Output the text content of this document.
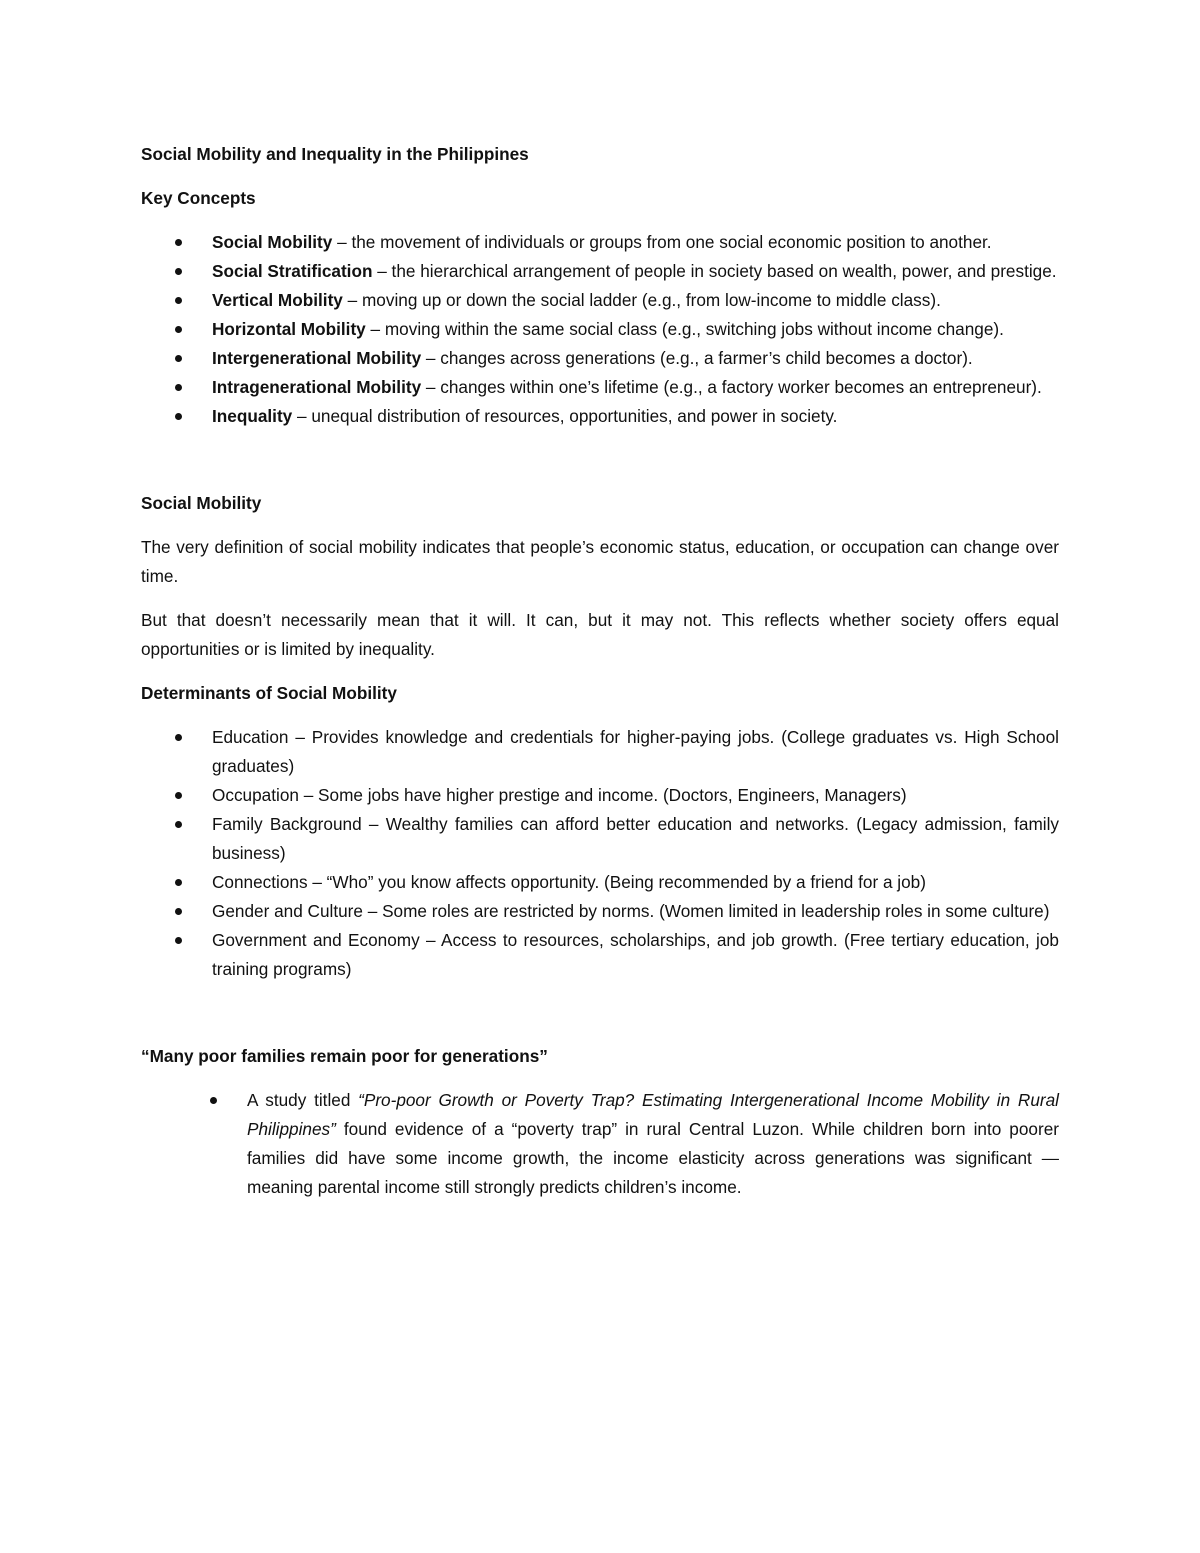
Social Mobility and Inequality in the Philippines
Key Concepts
Social Mobility – the movement of individuals or groups from one social economic position to another.
Social Stratification – the hierarchical arrangement of people in society based on wealth, power, and prestige.
Vertical Mobility – moving up or down the social ladder (e.g., from low-income to middle class).
Horizontal Mobility – moving within the same social class (e.g., switching jobs without income change).
Intergenerational Mobility – changes across generations (e.g., a farmer’s child becomes a doctor).
Intragenerational Mobility – changes within one’s lifetime (e.g., a factory worker becomes an entrepreneur).
Inequality – unequal distribution of resources, opportunities, and power in society.
Social Mobility

The very definition of social mobility indicates that people’s economic status, education, or occupation can change over time.

But that doesn’t necessarily mean that it will. It can, but it may not. This reflects whether society offers equal opportunities or is limited by inequality.

Determinants of Social Mobility
Education – Provides knowledge and credentials for higher-paying jobs. (College graduates vs. High School graduates)
Occupation – Some jobs have higher prestige and income. (Doctors, Engineers, Managers)
Family Background – Wealthy families can afford better education and networks. (Legacy admission, family business)
Connections – “Who” you know affects opportunity. (Being recommended by a friend for a job)
Gender and Culture – Some roles are restricted by norms. (Women limited in leadership roles in some culture)
Government and Economy – Access to resources, scholarships, and job growth. (Free tertiary education, job training programs)
“Many poor families remain poor for generations”
A study titled “Pro-poor Growth or Poverty Trap? Estimating Intergenerational Income Mobility in Rural Philippines” found evidence of a “poverty trap” in rural Central Luzon. While children born into poorer families did have some income growth, the income elasticity across generations was significant — meaning parental income still strongly predicts children’s income.
